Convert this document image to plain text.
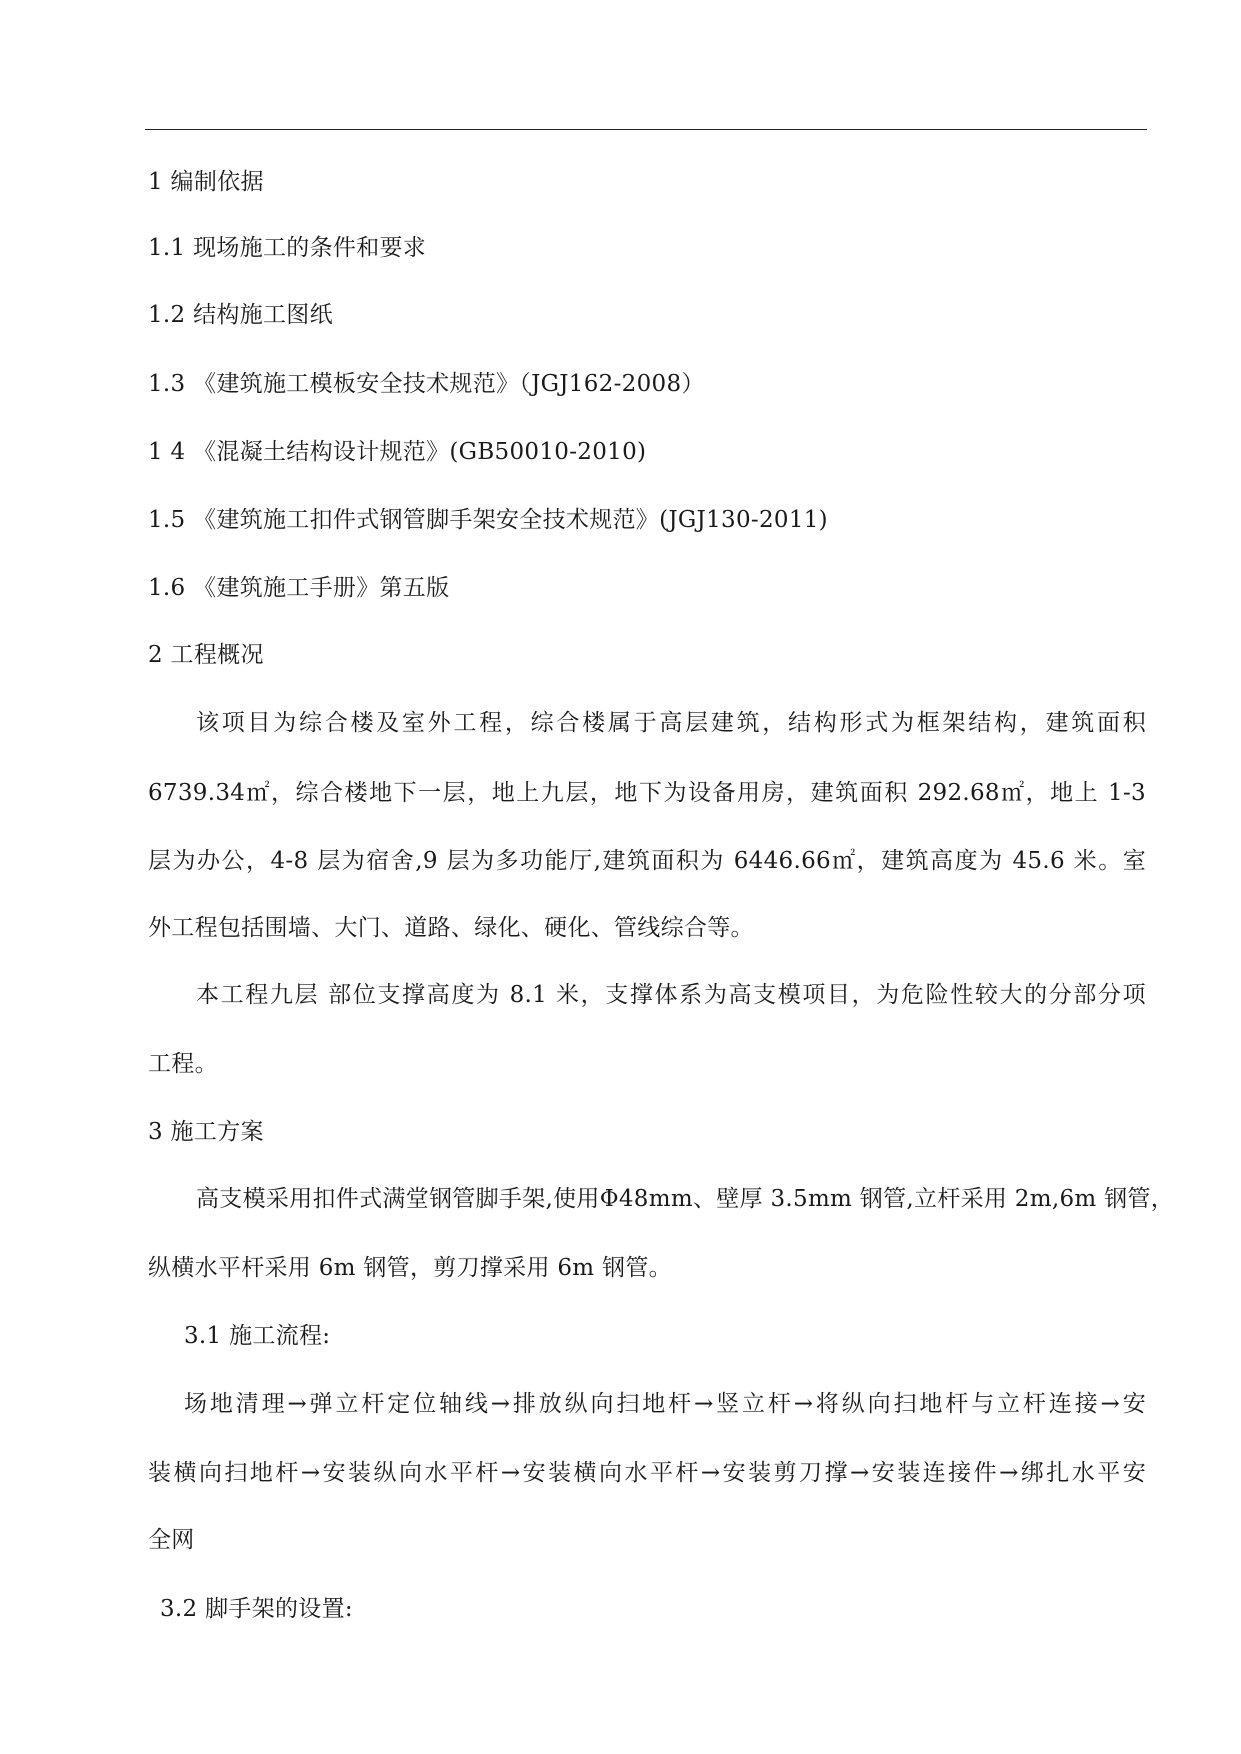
1 编制依据
1.1 现场施工的条件和要求
1.2 结构施工图纸
1.3 《建筑施工模板安全技术规范》（JGJ162-2008）
1 4 《混凝土结构设计规范》(GB50010-2010)
1.5 《建筑施工扣件式钢管脚手架安全技术规范》(JGJ130-2011)
1.6 《建筑施工手册》第五版
2 工程概况
该项目为综合楼及室外工程，综合楼属于高层建筑，结构形式为框架结构，建筑面积
6739.34㎡，综合楼地下一层，地上九层，地下为设备用房，建筑面积 292.68㎡，地上 1-3
层为办公，4-8 层为宿舍,9 层为多功能厅,建筑面积为 6446.66㎡，建筑高度为 45.6 米。室
外工程包括围墙、大门、道路、绿化、硬化、管线综合等。
本工程九层 部位支撑高度为 8.1 米，支撑体系为高支模项目，为危险性较大的分部分项
工程。
3 施工方案
高支模采用扣件式满堂钢管脚手架,使用Φ48mm、壁厚 3.5mm 钢管,立杆采用 2m,6m 钢管，
纵横水平杆采用 6m 钢管，剪刀撑采用 6m 钢管。
3.1 施工流程:
场地清理→弹立杆定位轴线→排放纵向扫地杆→竖立杆→将纵向扫地杆与立杆连接→安
装横向扫地杆→安装纵向水平杆→安装横向水平杆→安装剪刀撑→安装连接件→绑扎水平安
全网
3.2 脚手架的设置:
